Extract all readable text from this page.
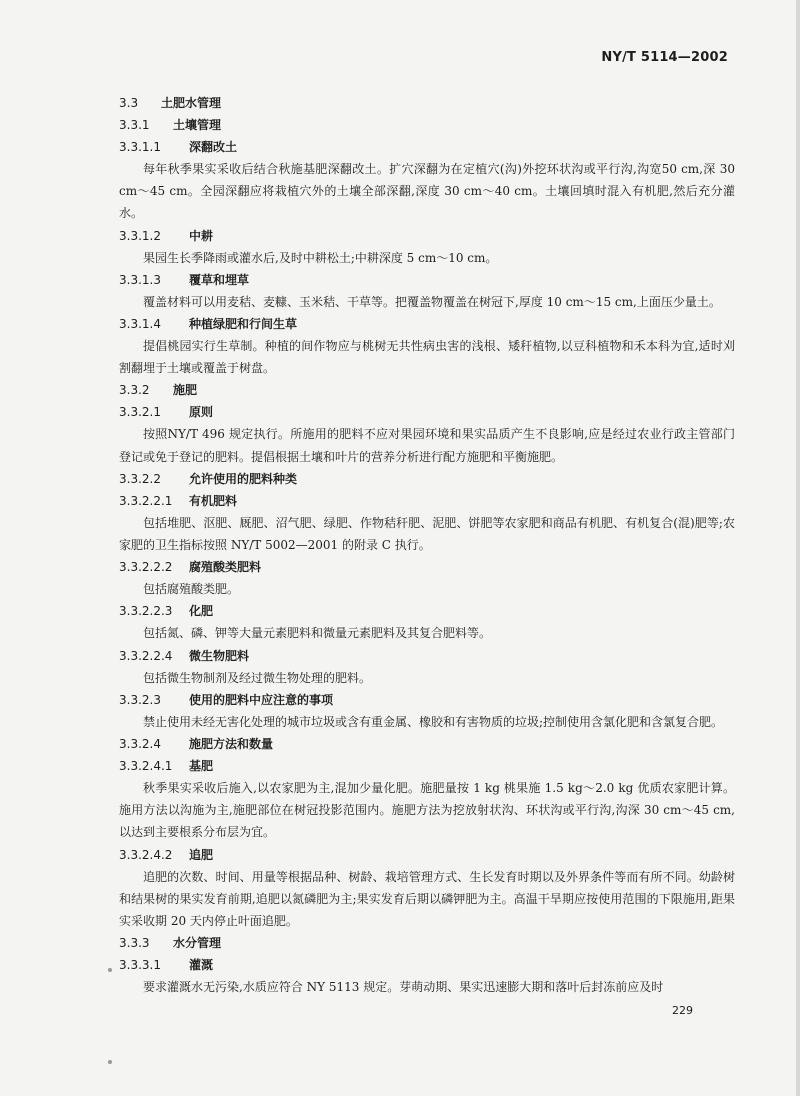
NY/T 5114—2002
3.3 土肥水管理
3.3.1 土壤管理
3.3.1.1 深翻改土

每年秋季果实采收后结合秋施基肥深翻改土。扩穴深翻为在定植穴(沟)外挖环状沟或平行沟,沟宽50 cm,深 30 cm～45 cm。全园深翻应将栽植穴外的土壤全部深翻,深度 30 cm～40 cm。土壤回填时混入有机肥,然后充分灌水。

3.3.1.2 中耕

果园生长季降雨或灌水后,及时中耕松土;中耕深度 5 cm～10 cm。

3.3.1.3 覆草和埋草

覆盖材料可以用麦秸、麦糠、玉米秸、干草等。把覆盖物覆盖在树冠下,厚度 10 cm～15 cm,上面压少量土。

3.3.1.4 种植绿肥和行间生草

提倡桃园实行生草制。种植的间作物应与桃树无共性病虫害的浅根、矮秆植物,以豆科植物和禾本科为宜,适时刈割翻埋于土壤或覆盖于树盘。

3.3.2 施肥
3.3.2.1 原则

按照NY/T 496 规定执行。所施用的肥料不应对果园环境和果实品质产生不良影响,应是经过农业行政主管部门登记或免于登记的肥料。提倡根据土壤和叶片的营养分析进行配方施肥和平衡施肥。

3.3.2.2 允许使用的肥料种类
3.3.2.2.1 有机肥料

包括堆肥、沤肥、厩肥、沼气肥、绿肥、作物秸秆肥、泥肥、饼肥等农家肥和商品有机肥、有机复合(混)肥等;农家肥的卫生指标按照 NY/T 5002—2001 的附录 C 执行。

3.3.2.2.2 腐殖酸类肥料

包括腐殖酸类肥。

3.3.2.2.3 化肥

包括氮、磷、钾等大量元素肥料和微量元素肥料及其复合肥料等。

3.3.2.2.4 微生物肥料

包括微生物制剂及经过微生物处理的肥料。

3.3.2.3 使用的肥料中应注意的事项

禁止使用未经无害化处理的城市垃圾或含有重金属、橡胶和有害物质的垃圾;控制使用含氯化肥和含氯复合肥。

3.3.2.4 施肥方法和数量
3.3.2.4.1 基肥

秋季果实采收后施入,以农家肥为主,混加少量化肥。施肥量按 1 kg 桃果施 1.5 kg～2.0 kg 优质农家肥计算。施用方法以沟施为主,施肥部位在树冠投影范围内。施肥方法为挖放射状沟、环状沟或平行沟,沟深 30 cm～45 cm,以达到主要根系分布层为宜。

3.3.2.4.2 追肥

追肥的次数、时间、用量等根据品种、树龄、栽培管理方式、生长发育时期以及外界条件等而有所不同。幼龄树和结果树的果实发育前期,追肥以氮磷肥为主;果实发育后期以磷钾肥为主。高温干旱期应按使用范围的下限施用,距果实采收期 20 天内停止叶面追肥。

3.3.3 水分管理
3.3.3.1 灌溉

要求灌溉水无污染,水质应符合 NY 5113 规定。芽萌动期、果实迅速膨大期和落叶后封冻前应及时

229
